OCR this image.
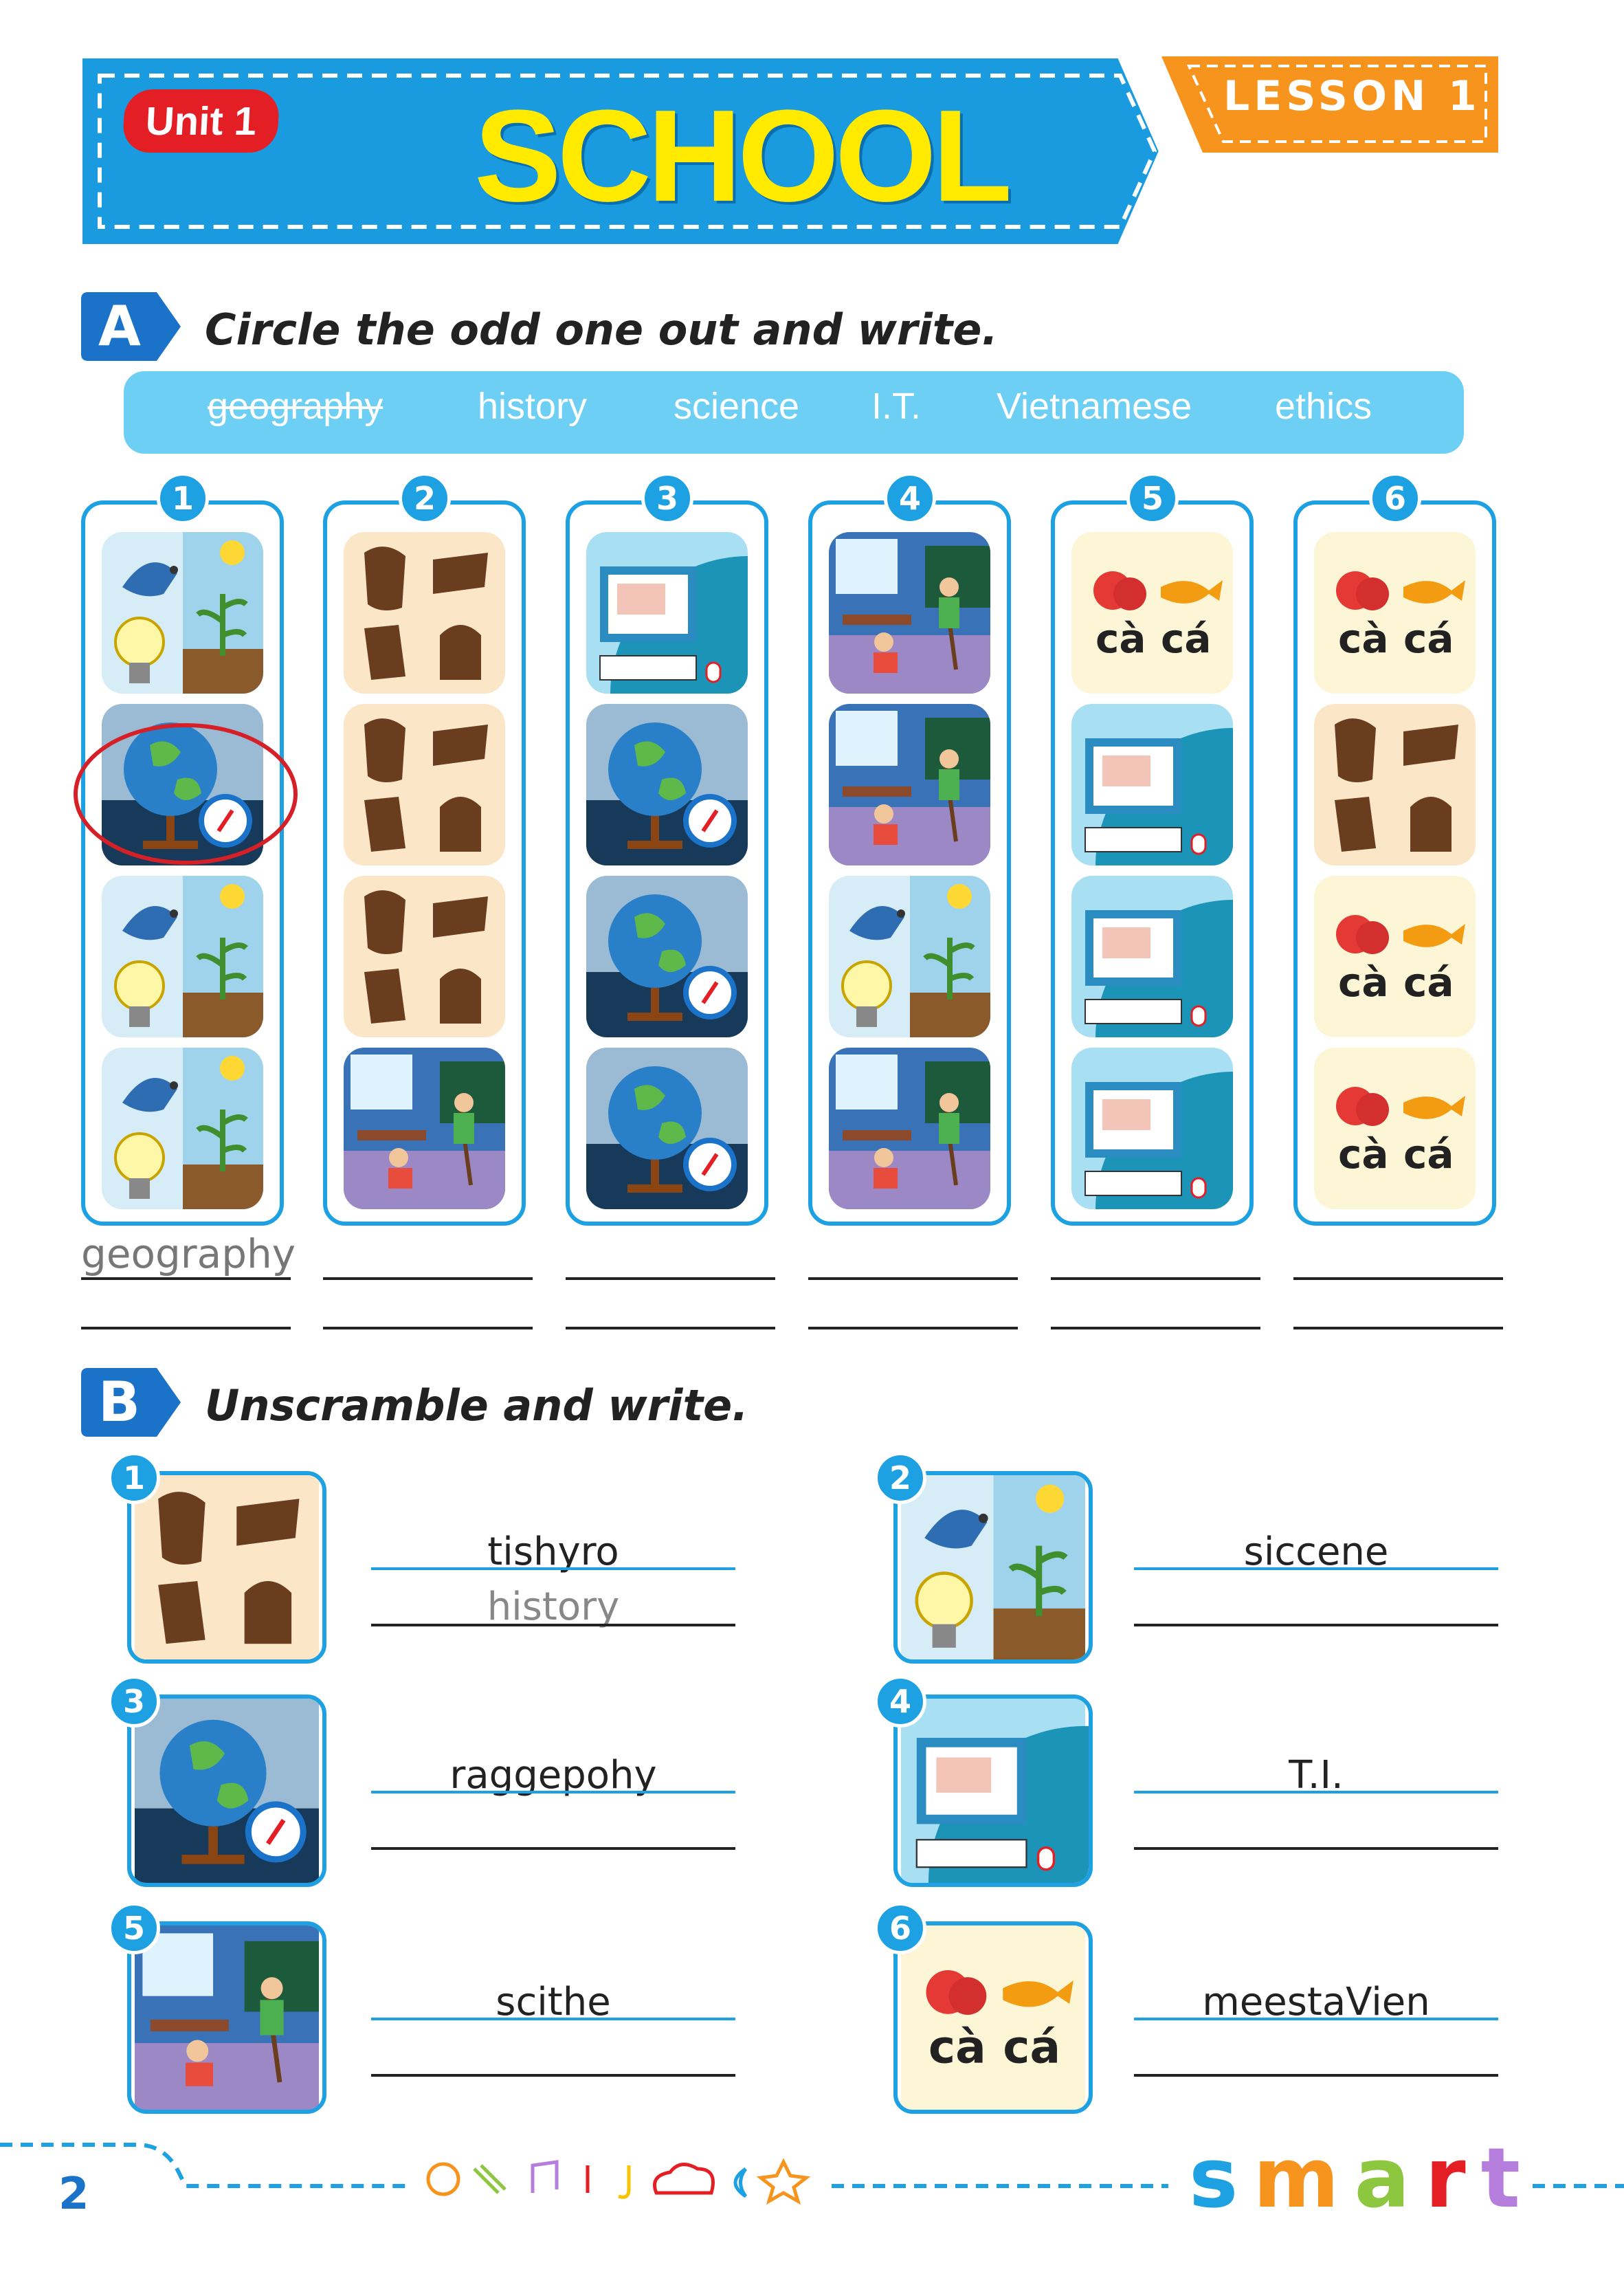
Unit 1 SCHOOL	LESSON 1
A Circle the odd one out and write.
geography	history science I.T. Vietnamese ethics
1	2	3	4
cà cá
5
cà cá
cà cá
cà cá
6
geography
B Unscramble and write.
1
tishyro
history
2
siccene
3
raggepohy
4
T.I.
5
scithe
cà cá
6
meestaVien
2	s m a r t
